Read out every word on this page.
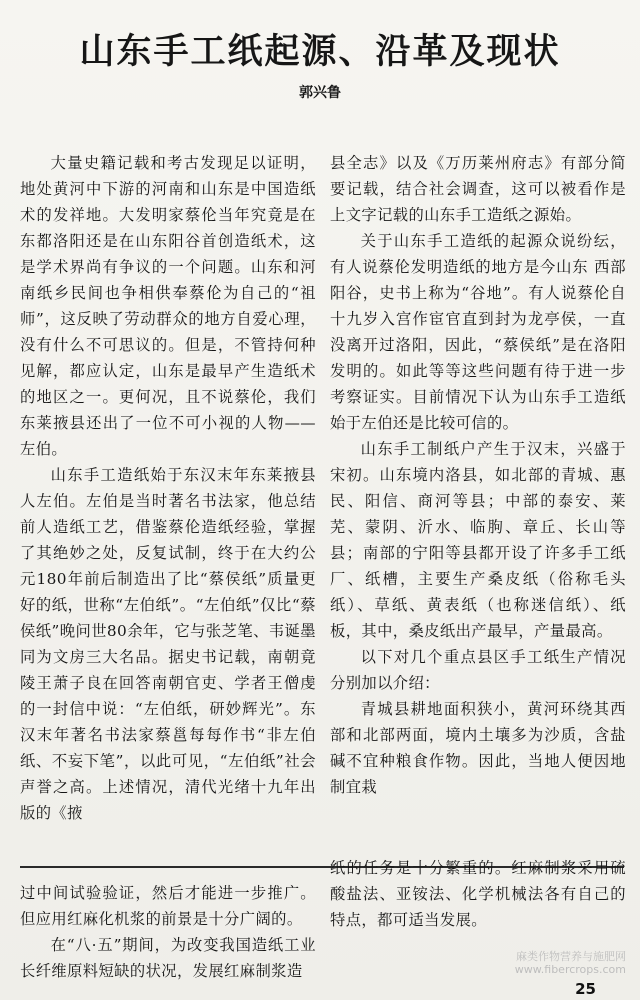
山东手工纸起源、沿革及现状
郭兴鲁

大量史籍记载和考古发现足以证明，地处黄河中下游的河南和山东是中国造纸术的发祥地。大发明家蔡伦当年究竟是在东都洛阳还是在山东阳谷首创造纸术，这是学术界尚有争议的一个问题。山东和河南纸乡民间也争相供奉蔡伦为自己的“祖师”，这反映了劳动群众的地方自爱心理，没有什么不可思议的。但是，不管持何种见解，都应认定，山东是最早产生造纸术的地区之一。更何况，且不说蔡伦，我们东莱掖县还出了一位不可小视的人物——左伯。

山东手工造纸始于东汉末年东莱掖县人左伯。左伯是当时著名书法家，他总结前人造纸工艺，借鉴蔡伦造纸经验，掌握了其绝妙之处，反复试制，终于在大约公元180年前后制造出了比“蔡侯纸”质量更好的纸，世称“左伯纸”。“左伯纸”仅比“蔡侯纸”晚问世80余年，它与张芝笔、韦诞墨同为文房三大名品。据史书记载，南朝竟陵王萧子良在回答南朝官吏、学者王僧虔的一封信中说：“左伯纸，研妙辉光”。东汉末年著名书法家蔡邕每每作书“非左伯纸、不妄下笔”，以此可见，“左伯纸”社会声誉之高。上述情况，清代光绪十九年出版的《掖

县全志》以及《万历莱州府志》有部分简要记载，结合社会调查，这可以被看作是上文字记载的山东手工造纸之源始。

关于山东手工造纸的起源众说纷纭，有人说蔡伦发明造纸的地方是今山东 西部阳谷，史书上称为“谷地”。有人说蔡伦自十九岁入宫作宦官直到封为龙亭侯，一直没离开过洛阳，因此，“蔡侯纸”是在洛阳发明的。如此等等这些问题有待于进一步考察证实。目前情况下认为山东手工造纸始于左伯还是比较可信的。

山东手工制纸户产生于汉末，兴盛于宋初。山东境内洛县，如北部的青城、惠民、阳信、商河等县；中部的泰安、莱芜、蒙阴、沂水、临朐、章丘、长山等县；南部的宁阳等县都开设了许多手工纸厂、纸槽，主要生产桑皮纸（俗称毛头纸）、草纸、黄表纸（也称迷信纸）、纸板，其中，桑皮纸出产最早，产量最高。

以下对几个重点县区手工纸生产情况分别加以介绍：

青城县耕地面积狭小，黄河环绕其西部和北部两面，境内土壤多为沙质，含盐碱不宜种粮食作物。因此，当地人便因地制宜栽

过中间试验验证，然后才能进一步推广。但应用红麻化机浆的前景是十分广阔的。

在“八·五”期间，为改变我国造纸工业长纤维原料短缺的状况，发展红麻制浆造

纸的任务是十分繁重的。红麻制浆采用硫酸盐法、亚铵法、化学机械法各有自己的特点，都可适当发展。

麻类作物营养与施肥网
www.fibercrops.com
25
